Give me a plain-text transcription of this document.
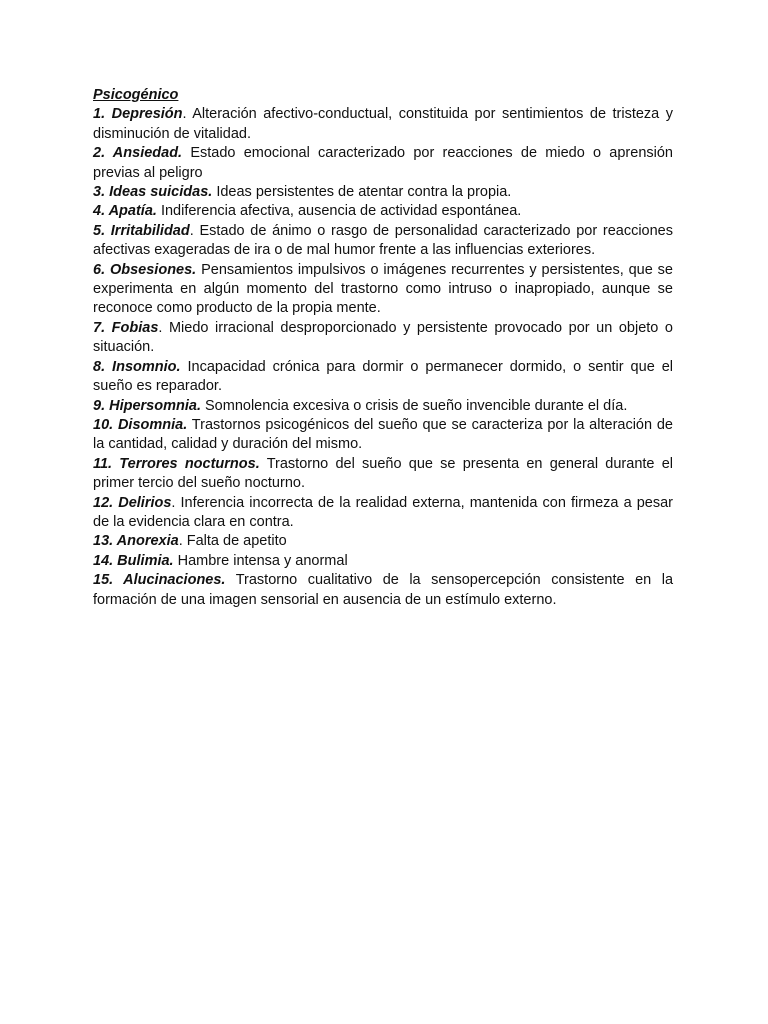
Psicogénico

1. Depresión. Alteración afectivo-conductual, constituida por sentimientos de tristeza y disminución de vitalidad.

2. Ansiedad. Estado emocional caracterizado por reacciones de miedo o aprensión previas al peligro

3. Ideas suicidas. Ideas persistentes de atentar contra la propia.

4. Apatía. Indiferencia afectiva, ausencia de actividad espontánea.

5. Irritabilidad. Estado de ánimo o rasgo de personalidad caracterizado por reacciones afectivas exageradas de ira o de mal humor frente a las influencias exteriores.

6. Obsesiones. Pensamientos impulsivos o imágenes recurrentes y persistentes, que se experimenta en algún momento del trastorno como intruso o inapropiado, aunque se reconoce como producto de la propia mente.

7. Fobias. Miedo irracional desproporcionado y persistente provocado por un objeto o situación.

8. Insomnio. Incapacidad crónica para dormir o permanecer dormido, o sentir que el sueño es reparador.

9. Hipersomnia. Somnolencia excesiva o crisis de sueño invencible durante el día.

10. Disomnia. Trastornos psicogénicos del sueño que se caracteriza por la alteración de la cantidad, calidad y duración del mismo.

11. Terrores nocturnos. Trastorno del sueño que se presenta en general durante el primer tercio del sueño nocturno.

12. Delirios. Inferencia incorrecta de la realidad externa, mantenida con firmeza a pesar de la evidencia clara en contra.

13. Anorexia. Falta de apetito

14. Bulimia. Hambre intensa y anormal

15. Alucinaciones. Trastorno cualitativo de la sensopercepción consistente en la formación de una imagen sensorial en ausencia de un estímulo externo.
